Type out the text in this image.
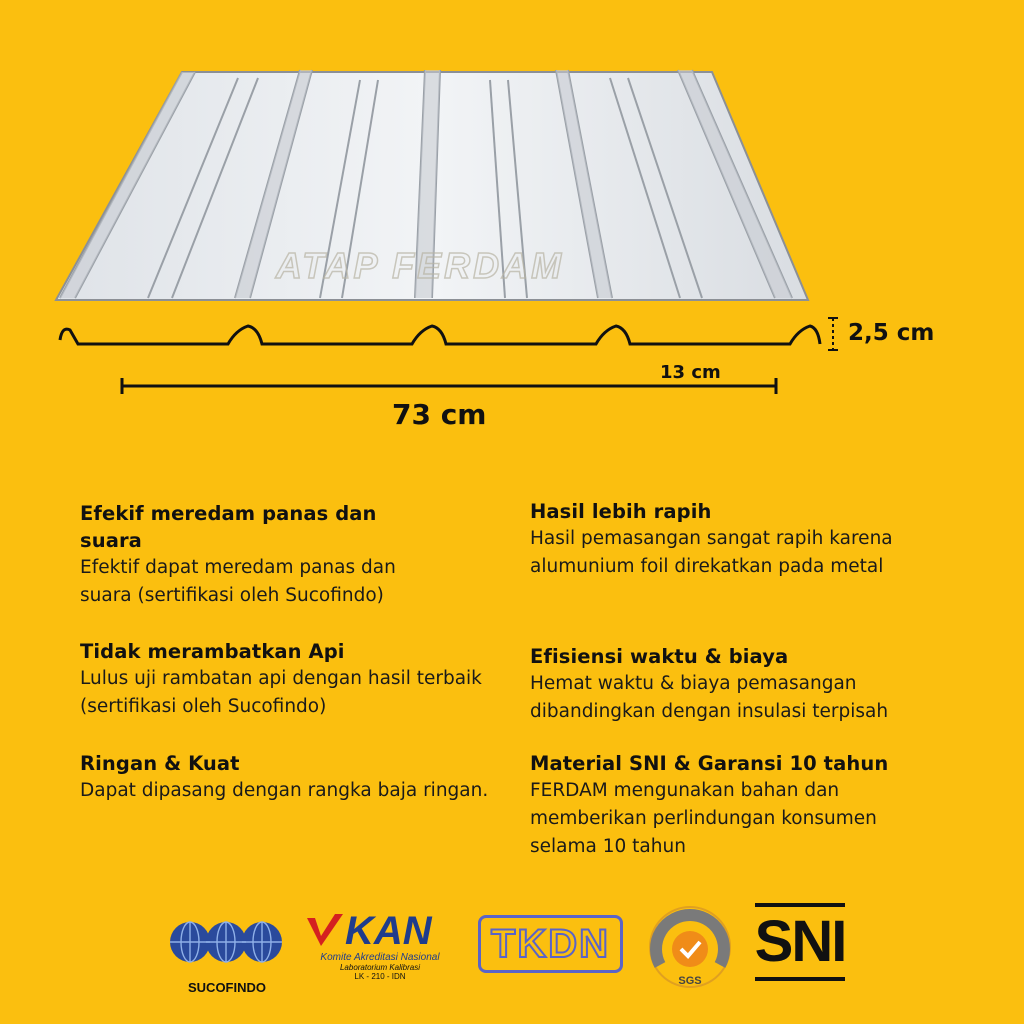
ATAP FERDAM
2,5 cm
13 cm
73 cm
Efekif meredam panas dan suara

Efektif dapat meredam panas dan suara (sertifikasi oleh Sucofindo)

Tidak merambatkan Api

Lulus uji rambatan api dengan hasil terbaik (sertifikasi oleh Sucofindo)

Ringan & Kuat

Dapat dipasang dengan rangka baja ringan.

Hasil lebih rapih

Hasil pemasangan sangat rapih karena alumunium foil direkatkan pada metal

Efisiensi waktu & biaya

Hemat waktu & biaya pemasangan dibandingkan dengan insulasi terpisah

Material SNI & Garansi 10 tahun

FERDAM mengunakan bahan dan memberikan perlindungan konsumen selama 10 tahun

SUCOFINDO
KAN
Komite Akreditasi Nasional
Laboratorium Kalibrasi
LK - 210 - IDN
TKDN
SGS
SNI
